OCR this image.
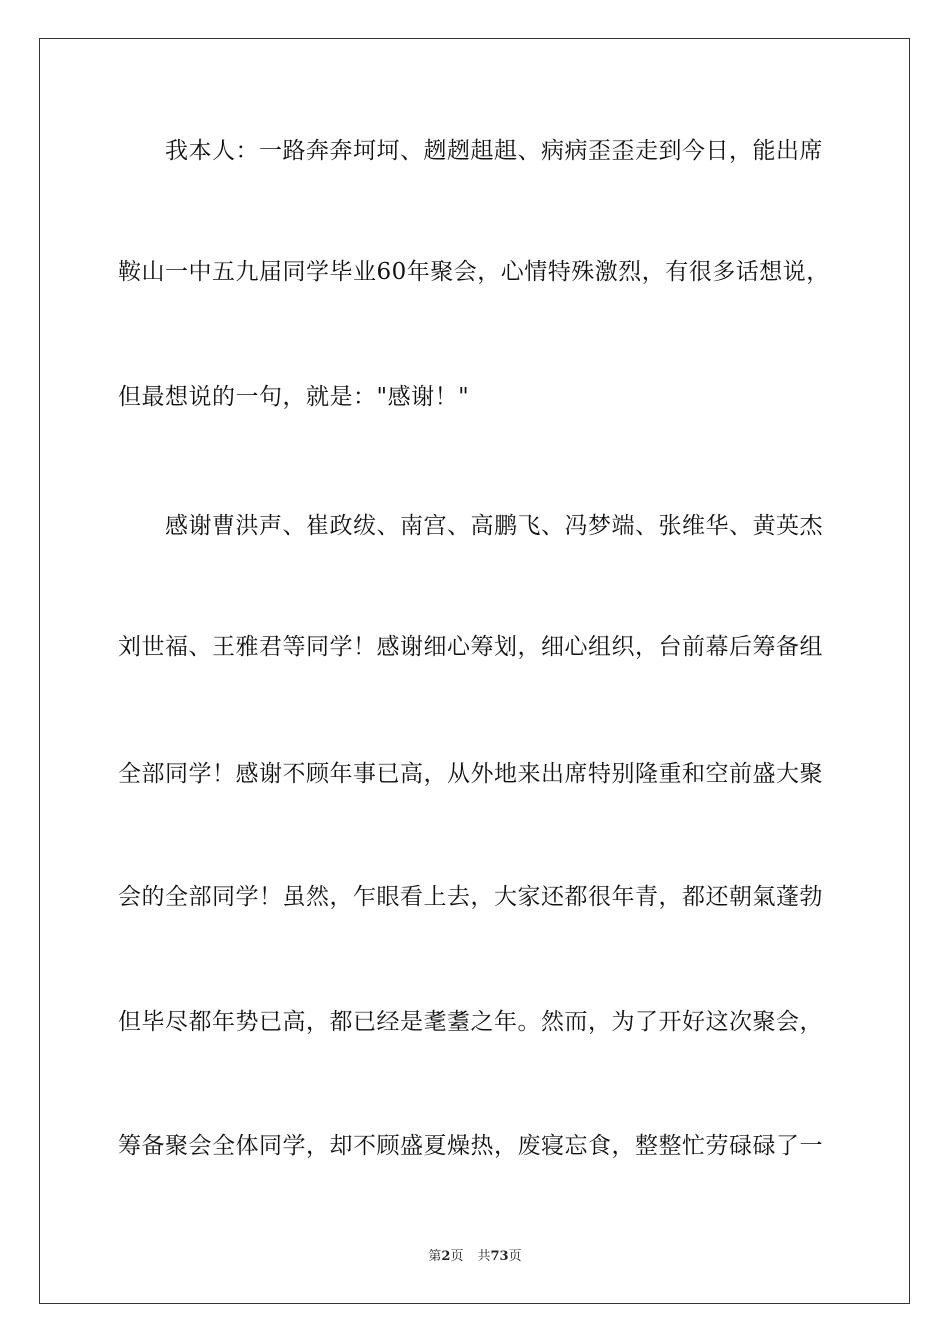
我本人：一路奔奔坷坷、趔趔趄趄、病病歪歪走到今日，能出席
鞍山一中五九届同学毕业60年聚会，心情特殊激烈，有很多话想说，
但最想说的一句，就是："感谢！"
感谢曹洪声、崔政绂、南宫、高鹏飞、冯梦端、张维华、黄英杰
刘世福、王雅君等同学！感谢细心筹划，细心组织，台前幕后筹备组
全部同学！感谢不顾年事已高，从外地来出席特别隆重和空前盛大聚
会的全部同学！虽然，乍眼看上去，大家还都很年青，都还朝氣蓬勃
但毕尽都年势已高，都已经是耄耋之年。然而，为了开好这次聚会，
筹备聚会全体同学，却不顾盛夏燥热，废寝忘食，整整忙劳碌碌了一
第2页 共73页
